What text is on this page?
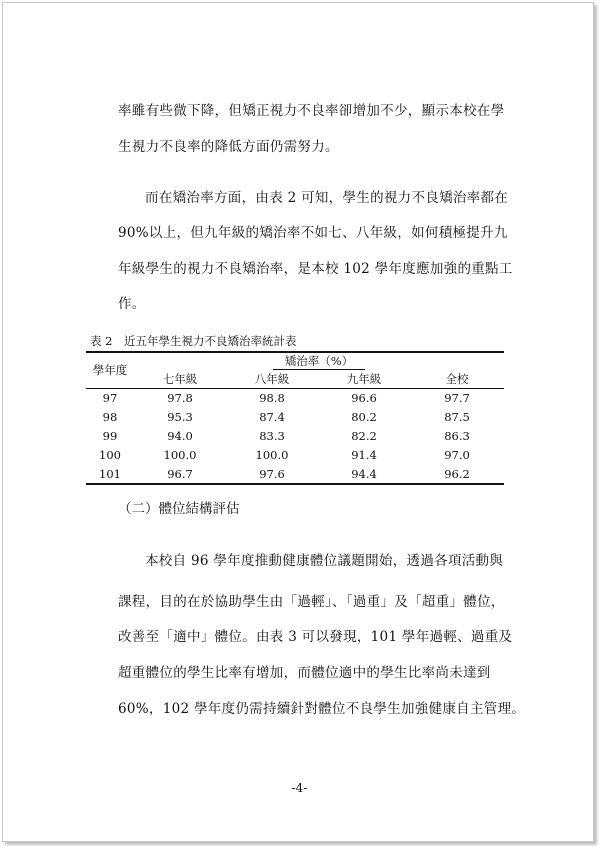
率雖有些微下降，但矯正視力不良率卻增加不少，顯示本校在學
生視力不良率的降低方面仍需努力。
而在矯治率方面，由表 2 可知，學生的視力不良矯治率都在
90%以上，但九年級的矯治率不如七、八年級，如何積極提升九
年級學生的視力不良矯治率，是本校 102 學年度應加強的重點工
作。
表 2　近五年學生視力不良矯治率統計表
學年度	矯治率（%）			
	七年級	八年級	九年級	全校
97	97.8	98.8	96.6	97.7
98	95.3	87.4	80.2	87.5
99	94.0	83.3	82.2	86.3
100	100.0	100.0	91.4	97.0
101	96.7	97.6	94.4	96.2
（二）體位結構評估
本校自 96 學年度推動健康體位議題開始，透過各項活動與
課程，目的在於協助學生由「過輕」、「過重」及「超重」體位，
改善至「適中」體位。由表 3 可以發現，101 學年過輕、過重及
超重體位的學生比率有增加，而體位適中的學生比率尚未達到
60%，102 學年度仍需持續針對體位不良學生加強健康自主管理。
-4-
